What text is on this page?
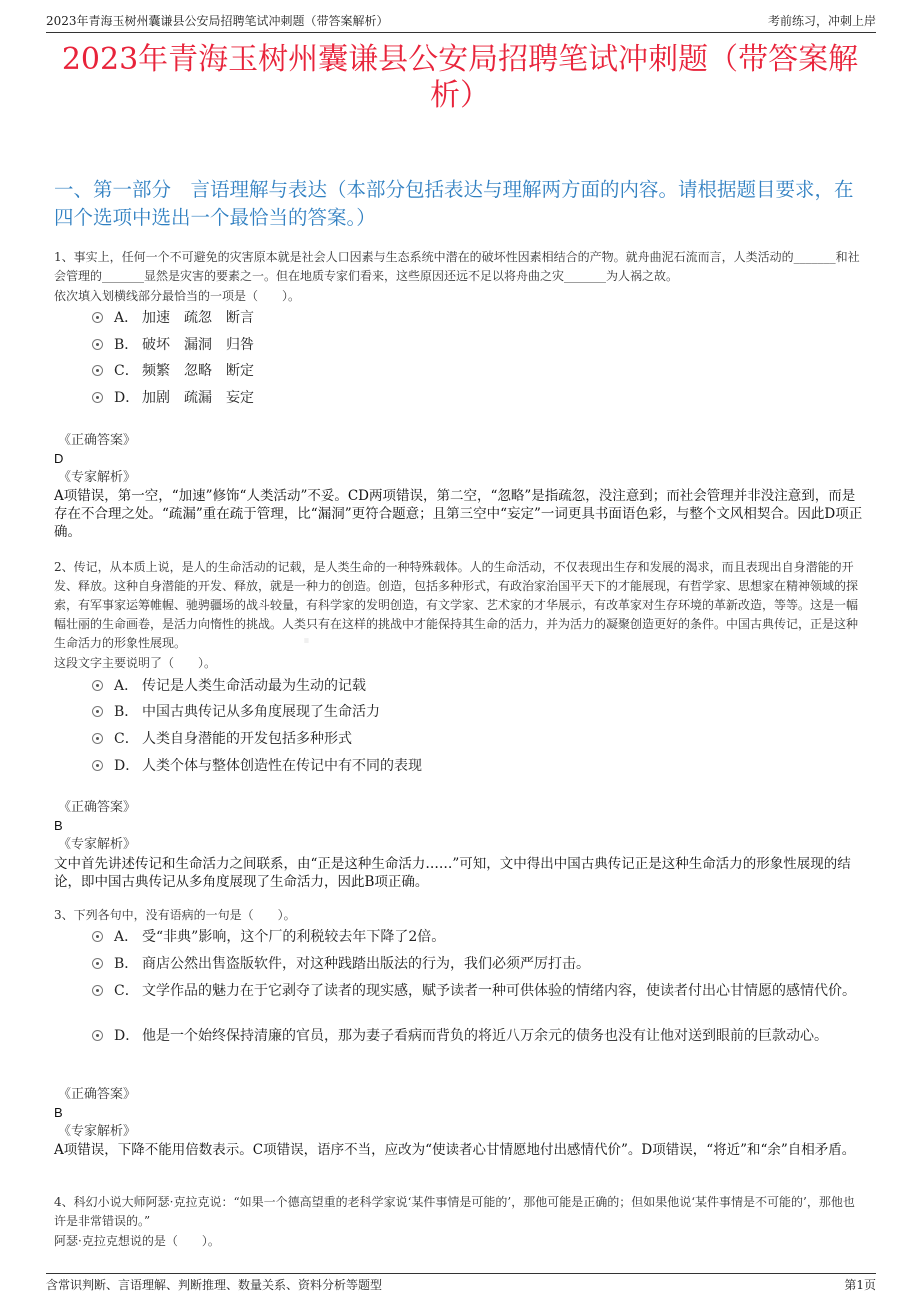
2023年青海玉树州囊谦县公安局招聘笔试冲刺题（带答案解析）	考前练习，冲刺上岸
2023年青海玉树州囊谦县公安局招聘笔试冲刺题（带答案解析）
一、第一部分　言语理解与表达（本部分包括表达与理解两方面的内容。请根据题目要求，在四个选项中选出一个最恰当的答案。）
1、事实上，任何一个不可避免的灾害原本就是社会人口因素与生态系统中潜在的破坏性因素相结合的产物。就舟曲泥石流而言，人类活动的_______和社会管理的_______显然是灾害的要素之一。但在地质专家们看来，这些原因还远不足以将舟曲之灾_______为人祸之故。
依次填入划横线部分最恰当的一项是（　　）。
A． 加速　疏忽　断言
B． 破坏　漏洞　归咎
C． 频繁　忽略　断定
D． 加剧　疏漏　妄定
《正确答案》
D
《专家解析》
A项错误，第一空，“加速”修饰“人类活动”不妥。CD两项错误，第二空，“忽略”是指疏忽，没注意到；而社会管理并非没注意到，而是存在不合理之处。“疏漏”重在疏于管理，比“漏洞”更符合题意；且第三空中“妄定”一词更具书面语色彩，与整个文风相契合。因此D项正确。
.
2、传记，从本质上说，是人的生命活动的记载，是人类生命的一种特殊载体。人的生命活动，不仅表现出生存和发展的渴求，而且表现出自身潜能的开发、释放。这种自身潜能的开发、释放，就是一种力的创造。创造，包括多种形式，有政治家治国平天下的才能展现，有哲学家、思想家在精神领域的探索，有军事家运筹帷幄、驰骋疆场的战斗较量，有科学家的发明创造，有文学家、艺术家的才华展示，有改革家对生存环境的革新改造，等等。这是一幅幅壮丽的生命画卷，是活力向惰性的挑战。人类只有在这样的挑战中才能保持其生命的活力，并为活力的凝聚创造更好的条件。中国古典传记，正是这种生命活力的形象性展现。
这段文字主要说明了（　　）。
A． 传记是人类生命活动最为生动的记载
B． 中国古典传记从多角度展现了生命活力
C． 人类自身潜能的开发包括多种形式
D． 人类个体与整体创造性在传记中有不同的表现
《正确答案》
B
《专家解析》
文中首先讲述传记和生命活力之间联系，由“正是这种生命活力……”可知，文中得出中国古典传记正是这种生命活力的形象性展现的结论，即中国古典传记从多角度展现了生命活力，因此B项正确。
3、下列各句中，没有语病的一句是（　　）。
A． 受“非典”影响，这个厂的利税较去年下降了2倍。
B． 商店公然出售盗版软件，对这种践踏出版法的行为，我们必须严厉打击。
C． 文学作品的魅力在于它剥夺了读者的现实感，赋予读者一种可供体验的情绪内容，使读者付出心甘情愿的感情代价。
D． 他是一个始终保持清廉的官员，那为妻子看病而背负的将近八万余元的债务也没有让他对送到眼前的巨款动心。
《正确答案》
B
《专家解析》
A项错误，下降不能用倍数表示。C项错误，语序不当，应改为“使读者心甘情愿地付出感情代价”。D项错误，“将近”和“余”自相矛盾。
4、科幻小说大师阿瑟·克拉克说：“如果一个德高望重的老科学家说‘某件事情是可能的’，那他可能是正确的；但如果他说‘某件事情是不可能的’，那他也许是非常错误的。”
阿瑟·克拉克想说的是（　　）。
含常识判断、言语理解、判断推理、数量关系、资料分析等题型	第1页
